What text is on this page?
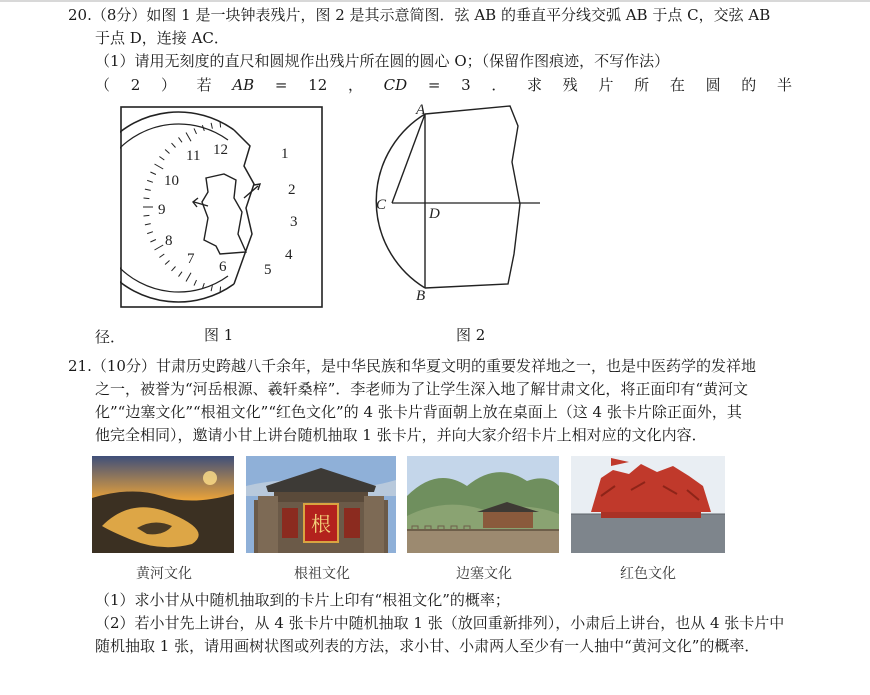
20.（8分）如图 1 是一块钟表残片，图 2 是其示意简图．弦 AB 的垂直平分线交弧 AB 于点 C，交弦 AB
于点 D，连接 AC．
（1）请用无刻度的直尺和圆规作出残片所在圆的圆心 O；（保留作图痕迹，不写作法）
（ 2 ） 若 AB = 12 ， CD = 3 ． 求 残 片 所 在 圆 的 半
12
11
10
9
8
7 6	5
4
3
2
1
A
C
D
B
径．	图 1	图 2
21.（10分）甘肃历史跨越八千余年，是中华民族和华夏文明的重要发祥地之一，也是中医药学的发祥地
之一，被誉为“河岳根源、羲轩桑梓”．李老师为了让学生深入地了解甘肃文化，将正面印有“黄河文
化”“边塞文化”“根祖文化”“红色文化”的 4 张卡片背面朝上放在桌面上（这 4 张卡片除正面外，其
他完全相同），邀请小甘上讲台随机抽取 1 张卡片，并向大家介绍卡片上相对应的文化内容．
根
黄河文化	根祖文化	边塞文化	红色文化
（1）求小甘从中随机抽取到的卡片上印有“根祖文化”的概率；
（2）若小甘先上讲台，从 4 张卡片中随机抽取 1 张（放回重新排列），小肃后上讲台，也从 4 张卡片中
随机抽取 1 张，请用画树状图或列表的方法，求小甘、小肃两人至少有一人抽中“黄河文化”的概率．
